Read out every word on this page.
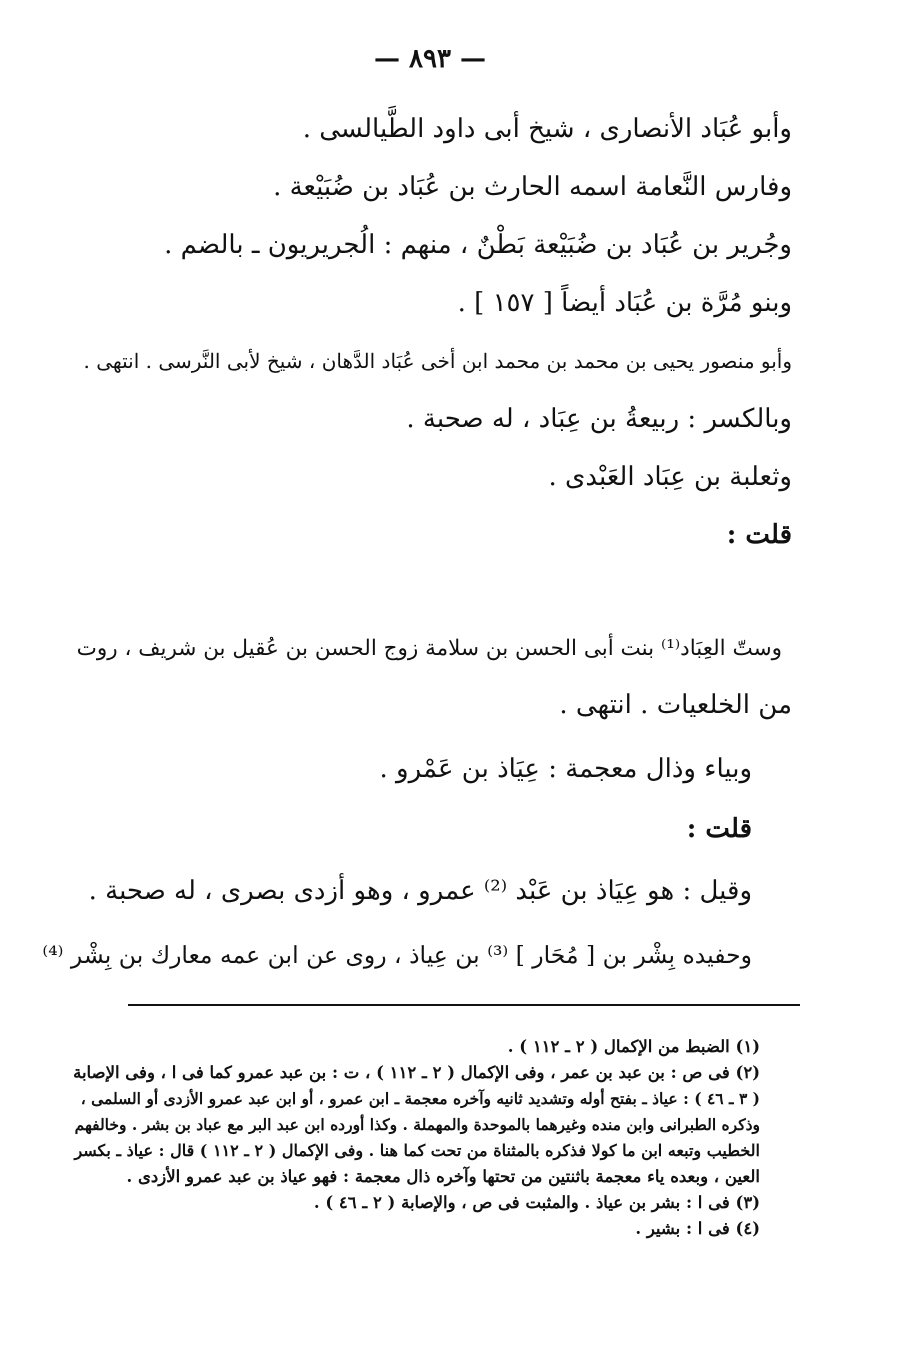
— ٨٩٣ —
وأبو عُبَاد الأنصارى ، شيخ أبى داود الطَّيالسى .
وفارس النَّعامة اسمه الحارث بن عُبَاد بن ضُبَيْعة .
وجُرير بن عُبَاد بن ضُبَيْعة بَطْنٌ ، منهم : الُجريريون ـ بالضم .
وبنو مُرَّة بن عُبَاد أيضاً [ ١٥٧ ] .
وأبو منصور يحيى بن محمد بن محمد ابن أخى عُبَاد الدَّهان ، شيخ لأبى النَّرسى . انتهى .
وبالكسر : ربيعةُ بن عِبَاد ، له صحبة .
وثعلبة بن عِبَاد العَبْدى .
قلت :
وستّ العِبَاد⁽¹⁾ بنت أبى الحسن بن سلامة زوج الحسن بن عُقيل بن شريف ، روت
من الخلعيات . انتهى .
وبياء وذال معجمة : عِيَاذ بن عَمْرو .
قلت :
وقيل : هو عِيَاذ بن عَبْد ⁽²⁾ عمرو ، وهو أزدى بصرى ، له صحبة .
وحفيده بِشْر بن [ مُحَار ] ⁽³⁾ بن عِياذ ، روى عن ابن عمه معارك بن بِشْر ⁽⁴⁾
(١) الضبط من الإكمال ( ٢ ـ ١١٢ ) .
(٢) فى ص : بن عبد بن عمر ، وفى الإكمال ( ٢ ـ ١١٢ ) ، ت : بن عبد عمرو كما فى ا ، وفى الإصابة
( ٣ ـ ٤٦ ) : عياذ ـ بفتح أوله وتشديد ثانيه وآخره معجمة ـ ابن عمرو ، أو ابن عبد عمرو الأزدى أو السلمى ،
وذكره الطبرانى وابن منده وغيرهما بالموحدة والمهملة . وكذا أورده ابن عبد البر مع عباد بن بشر . وخالفهم
الخطيب وتبعه ابن ما كولا فذكره بالمثناة من تحت كما هنا . وفى الإكمال ( ٢ ـ ١١٢ ) قال : عياذ ـ بكسر
العين ، وبعده ياء معجمة باثنتين من تحتها وآخره ذال معجمة : فهو عياذ بن عبد عمرو الأزدى .
(٣) فى ا : بشر بن عياذ . والمثبت فى ص ، والإصابة ( ٢ ـ ٤٦ ) .
(٤) فى ا : بشير .
